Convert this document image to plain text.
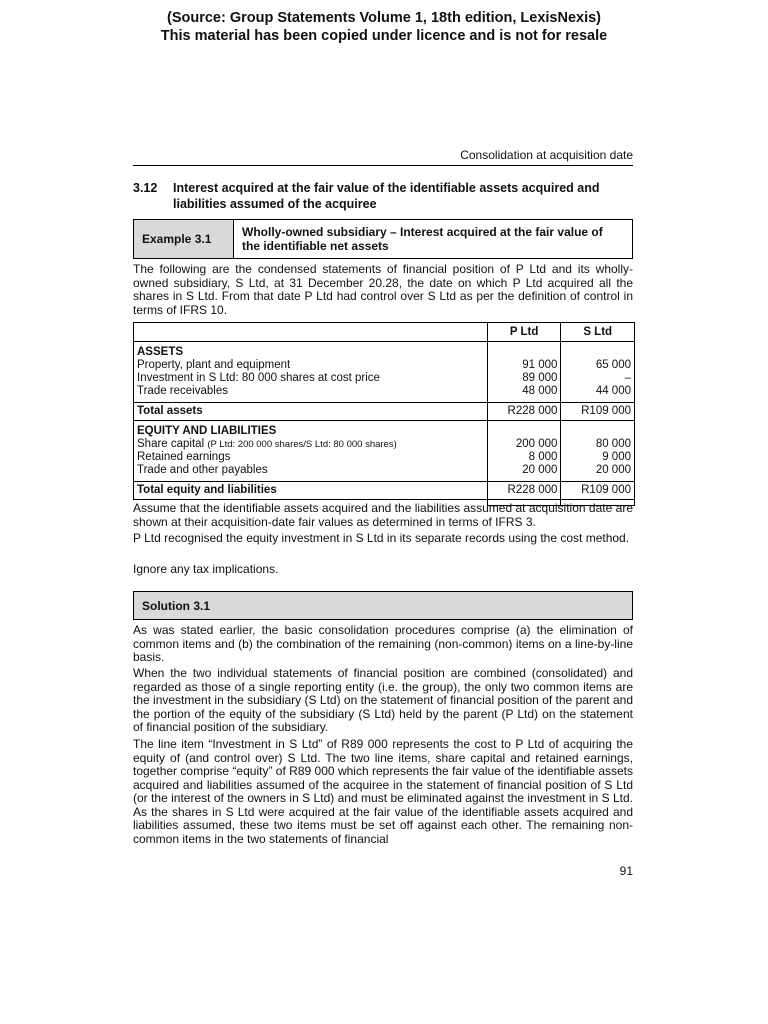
(Source: Group Statements Volume 1, 18th edition, LexisNexis)
This material has been copied under licence and is not for resale
Consolidation at acquisition date
3.12 Interest acquired at the fair value of the identifiable assets acquired and liabilities assumed of the acquiree
Example 3.1	Wholly-owned subsidiary – Interest acquired at the fair value of the identifiable net assets
The following are the condensed statements of financial position of P Ltd and its wholly-owned subsidiary, S Ltd, at 31 December 20.28, the date on which P Ltd acquired all the shares in S Ltd. From that date P Ltd had control over S Ltd as per the definition of control in terms of IFRS 10.
	P Ltd	S Ltd

ASSETS		
Property, plant and equipment	91 000	65 000
Investment in S Ltd: 80 000 shares at cost price	89 000	–
Trade receivables	48 000	44 000

Total assets	R228 000	R109 000

EQUITY AND LIABILITIES		
Share capital (P Ltd: 200 000 shares/S Ltd: 80 000 shares)	200 000	80 000
Retained earnings	8 000	9 000
Trade and other payables	20 000	20 000

Total equity and liabilities	R228 000	R109 000

Assume that the identifiable assets acquired and the liabilities assumed at acquisition date are shown at their acquisition-date fair values as determined in terms of IFRS 3.
P Ltd recognised the equity investment in S Ltd in its separate records using the cost method.
Ignore any tax implications.
Solution 3.1
As was stated earlier, the basic consolidation procedures comprise (a) the elimination of common items and (b) the combination of the remaining (non-common) items on a line-by-line basis.
When the two individual statements of financial position are combined (consolidated) and regarded as those of a single reporting entity (i.e. the group), the only two common items are the investment in the subsidiary (S Ltd) on the statement of financial position of the parent and the portion of the equity of the subsidiary (S Ltd) held by the parent (P Ltd) on the statement of financial position of the subsidiary.
The line item “Investment in S Ltd” of R89 000 represents the cost to P Ltd of acquiring the equity of (and control over) S Ltd. The two line items, share capital and retained earnings, together comprise “equity” of R89 000 which represents the fair value of the identifiable assets acquired and liabilities assumed of the acquiree in the statement of financial position of S Ltd (or the interest of the owners in S Ltd) and must be eliminated against the investment in S Ltd. As the shares in S Ltd were acquired at the fair value of the identifiable assets acquired and liabilities assumed, these two items must be set off against each other. The remaining non-common items in the two statements of financial
91
